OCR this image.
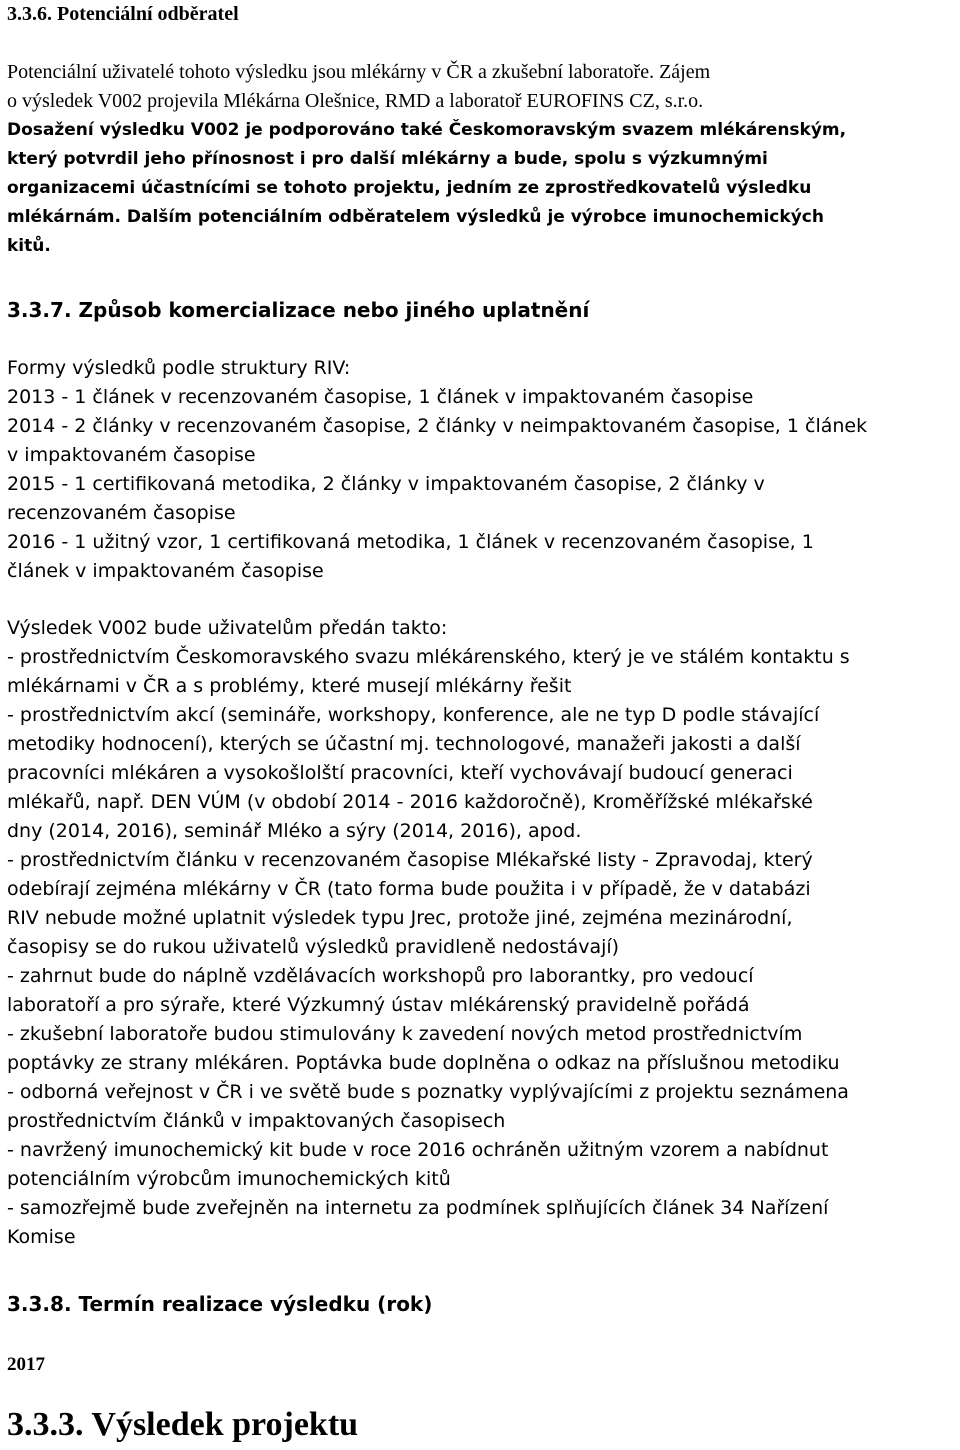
3.3.6. Potenciální odběratel
Potenciální uživatelé tohoto výsledku jsou mlékárny v ČR a zkušební laboratoře. Zájem
o výsledek V002 projevila Mlékárna Olešnice, RMD a laboratoř EUROFINS CZ, s.r.o.
Dosažení výsledku V002 je podporováno také Českomoravským svazem mlékárenským,
který potvrdil jeho přínosnost i pro další mlékárny a bude, spolu s výzkumnými
organizacemi účastnícími se tohoto projektu, jedním ze zprostředkovatelů výsledku
mlékárnám. Dalším potenciálním odběratelem výsledků je výrobce imunochemických
kitů.
3.3.7. Způsob komercializace nebo jiného uplatnění
Formy výsledků podle struktury RIV:
2013 - 1 článek v recenzovaném časopise, 1 článek v impaktovaném časopise
2014 - 2 články v recenzovaném časopise, 2 články v neimpaktovaném časopise, 1 článek
v impaktovaném časopise
2015 - 1 certifikovaná metodika, 2 články v impaktovaném časopise, 2 články v
recenzovaném časopise
2016 - 1 užitný vzor, 1 certifikovaná metodika, 1 článek v recenzovaném časopise, 1
článek v impaktovaném časopise
Výsledek V002 bude uživatelům předán takto:
- prostřednictvím Českomoravského svazu mlékárenského, který je ve stálém kontaktu s
mlékárnami v ČR a s problémy, které musejí mlékárny řešit
- prostřednictvím akcí (semináře, workshopy, konference, ale ne typ D podle stávající
metodiky hodnocení), kterých se účastní mj. technologové, manažeři jakosti a další
pracovníci mlékáren a vysokošlolští pracovníci, kteří vychovávají budoucí generaci
mlékařů, např. DEN VÚM (v období 2014 - 2016 každoročně), Kroměřížské mlékařské
dny (2014, 2016), seminář Mléko a sýry (2014, 2016), apod.
- prostřednictvím článku v recenzovaném časopise Mlékařské listy - Zpravodaj, který
odebírají zejména mlékárny v ČR (tato forma bude použita i v případě, že v databázi
RIV nebude možné uplatnit výsledek typu Jrec, protože jiné, zejména mezinárodní,
časopisy se do rukou uživatelů výsledků pravidleně nedostávají)
- zahrnut bude do náplně vzdělávacích workshopů pro laborantky, pro vedoucí
laboratoří a pro sýraře, které Výzkumný ústav mlékárenský pravidelně pořádá
- zkušební laboratoře budou stimulovány k zavedení nových metod prostřednictvím
poptávky ze strany mlékáren. Poptávka bude doplněna o odkaz na příslušnou metodiku
- odborná veřejnost v ČR i ve světě bude s poznatky vyplývajícími z projektu seznámena
prostřednictvím článků v impaktovaných časopisech
- navržený imunochemický kit bude v roce 2016 ochráněn užitným vzorem a nabídnut
potenciálním výrobcům imunochemických kitů
- samozřejmě bude zveřejněn na internetu za podmínek splňujících článek 34 Nařízení
Komise
3.3.8. Termín realizace výsledku (rok)
2017
3.3.3. Výsledek projektu
